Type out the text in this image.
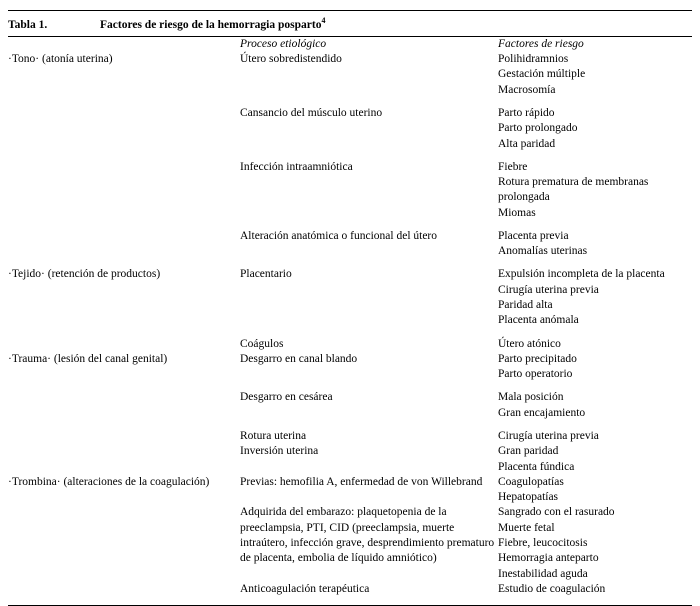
Tabla 1.	Factores de riesgo de la hemorragia posparto$^4$
	Proceso etiológico	Factores de riesgo
·Tono· (atonía uterina)	Útero sobredistendido	Polihidramnios
Gestación múltiple
Macrosomía

	Cansancio del músculo uterino	Parto rápido
Parto prolongado
Alta paridad

	Infección intraamniótica	Fiebre
Rotura prematura de membranas prolongada
Miomas

	Alteración anatómica o funcional del útero	Placenta previa
Anomalías uterinas

·Tejido· (retención de productos)	Placentario	Expulsión incompleta de la placenta
Cirugía uterina previa
Paridad alta
Placenta anómala

	Coágulos	Útero atónico

·Trauma· (lesión del canal genital)	Desgarro en canal blando	Parto precipitado
Parto operatorio

	Desgarro en cesárea	Mala posición
Gran encajamiento

	Rotura uterina	Cirugía uterina previa

	Inversión uterina	Gran paridad
Placenta fúndica

·Trombina· (alteraciones de la coagulación)	Previas: hemofilia A, enfermedad de von Willebrand	Coagulopatías
Hepatopatías

	Adquirida del embarazo: plaquetopenia de la preeclampsia, PTI, CID (preeclampsia, muerte intraútero, infección grave, desprendimiento prematuro de placenta, embolia de líquido amniótico)	Sangrado con el rasurado
Muerte fetal
Fiebre, leucocitosis
Hemorragia anteparto
Inestabilidad aguda

	Anticoagulación terapéutica	Estudio de coagulación
